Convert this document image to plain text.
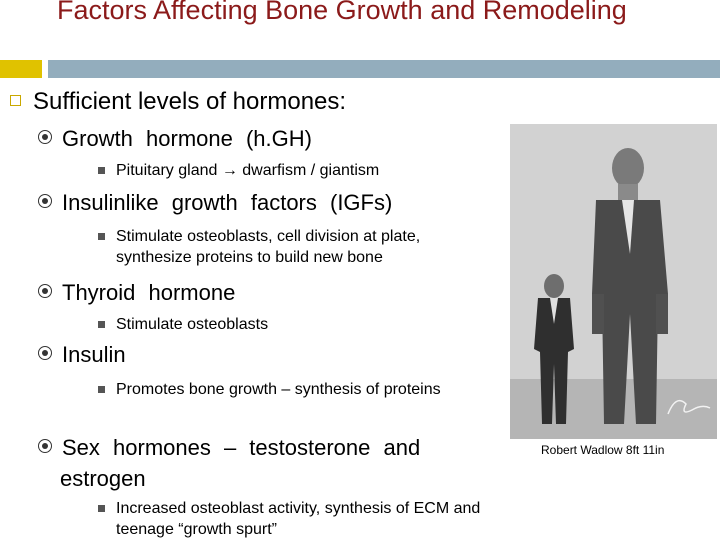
Factors Affecting Bone Growth and Remodeling
Sufficient levels of hormones:
Growth hormone (h.GH)
Pituitary gland → dwarfism / giantism
Insulinlike growth factors (IGFs)
Stimulate osteoblasts, cell division at plate, synthesize proteins to build new bone
Thyroid hormone
Stimulate osteoblasts
Insulin
Promotes bone growth – synthesis of proteins
Sex hormones – testosterone and estrogen
Increased osteoblast activity, synthesis of ECM and teenage “growth spurt”
Robert Wadlow 8ft 11in
